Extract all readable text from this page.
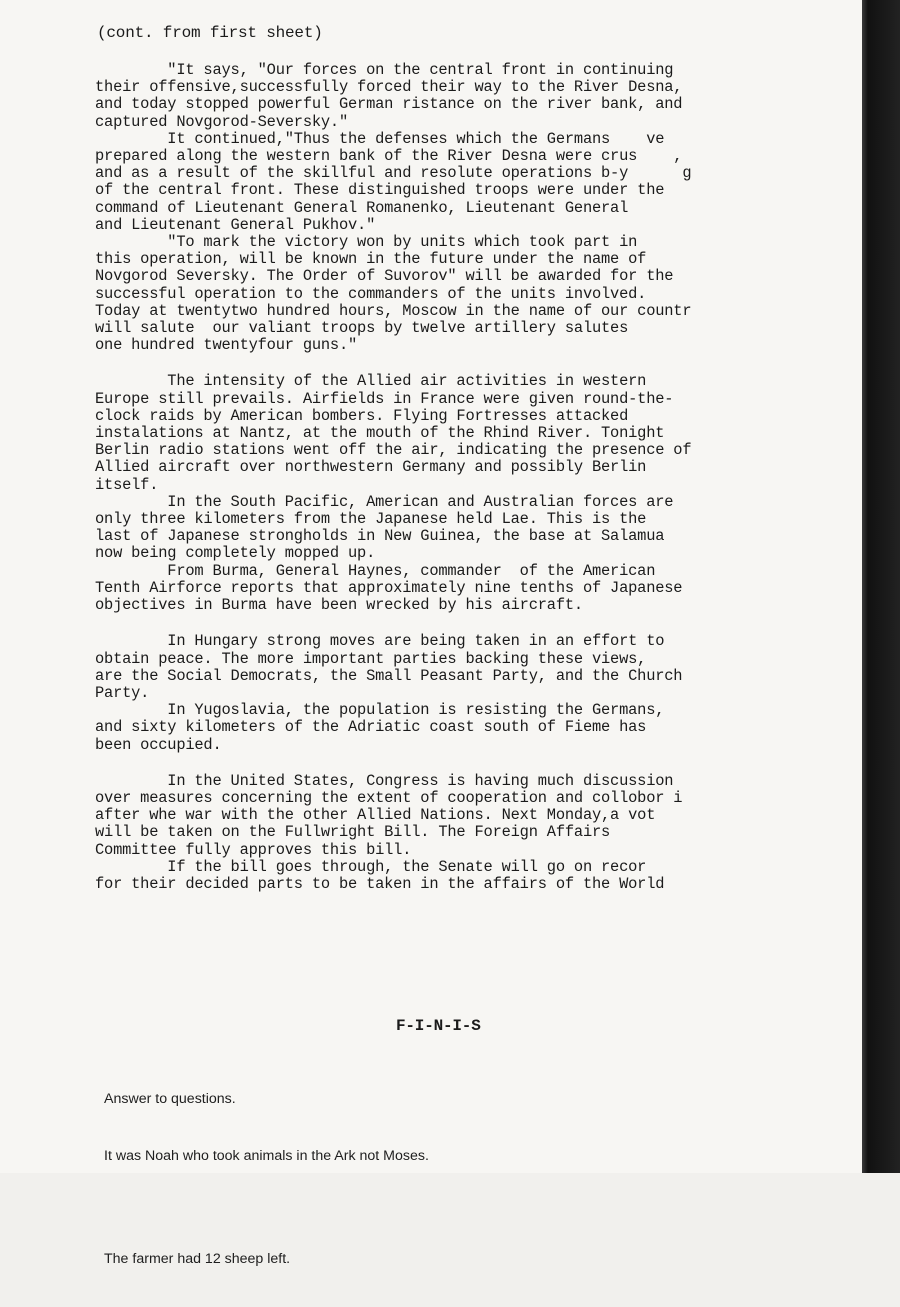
(cont. from first sheet)
"It says, "Our forces on the central front in continuing
their offensive,successfully forced their way to the River Desna,
and today stopped powerful German ristance on the river bank, and
captured Novgorod-Seversky."
It continued,"Thus the defenses which the Germans    ve
prepared along the western bank of the River Desna were crus    ,
and as a result of the skillful and resolute operations b-y      g
of the central front. These distinguished troops were under the
command of Lieutenant General Romanenko, Lieutenant General
and Lieutenant General Pukhov."
"To mark the victory won by units which took part in
this operation, will be known in the future under the name of
Novgorod Seversky. The Order of Suvorov" will be awarded for the
successful operation to the commanders of the units involved.
Today at twentytwo hundred hours, Moscow in the name of our countr
will salute  our valiant troops by twelve artillery salutes
one hundred twentyfour guns."
The intensity of the Allied air activities in western
Europe still prevails. Airfields in France were given round-the-
clock raids by American bombers. Flying Fortresses attacked
instalations at Nantz, at the mouth of the Rhind River. Tonight
Berlin radio stations went off the air, indicating the presence of
Allied aircraft over northwestern Germany and possibly Berlin
itself.
In the South Pacific, American and Australian forces are
only three kilometers from the Japanese held Lae. This is the
last of Japanese strongholds in New Guinea, the base at Salamua
now being completely mopped up.
From Burma, General Haynes, commander  of the American
Tenth Airforce reports that approximately nine tenths of Japanese
objectives in Burma have been wrecked by his aircraft.
In Hungary strong moves are being taken in an effort to
obtain peace. The more important parties backing these views,
are the Social Democrats, the Small Peasant Party, and the Church
Party.
In Yugoslavia, the population is resisting the Germans,
and sixty kilometers of the Adriatic coast south of Fieme has
been occupied.
In the United States, Congress is having much discussion
over measures concerning the extent of cooperation and collobor i
after whe war with the other Allied Nations. Next Monday,a vot
will be taken on the Fullwright Bill. The Foreign Affairs
Committee fully approves this bill.
If the bill goes through, the Senate will go on recor
for their decided parts to be taken in the affairs of the World
F-I-N-I-S

Answer to questions.

It was Noah who took animals in the Ark not Moses.

The farmer had 12 sheep left.
